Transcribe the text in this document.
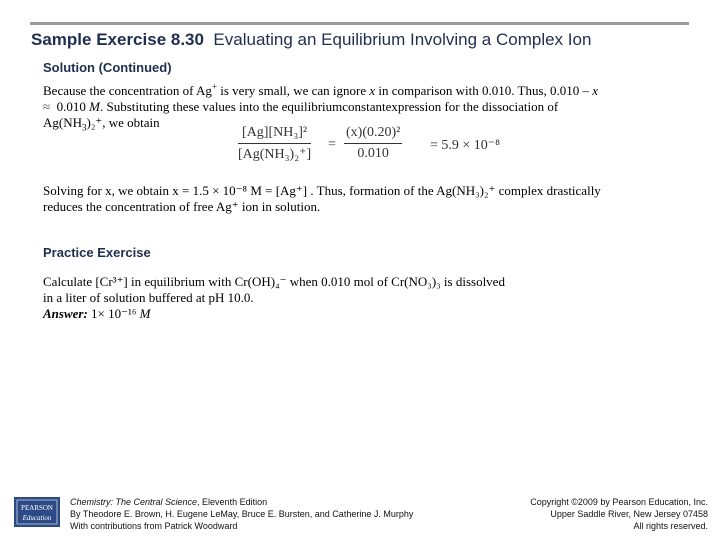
Sample Exercise 8.30 Evaluating an Equilibrium Involving a Complex Ion
Solution (Continued)
Because the concentration of Ag+ is very small, we can ignore x in comparison with 0.010. Thus, 0.010 – x
≈ 0.010 M. Substituting these values into the equilibriumconstantexpression for the dissociation of
$Ag(NH_3)_2^+$, we obtain
[Ag][NH₃]²
[Ag(NH₃)₂⁺]
=
(x)(0.20)²
0.010
= 5.9 × 10⁻⁸
Solving for x, we obtain x = 1.5 × 10⁻⁸ M = [Ag⁺] . Thus, formation of the Ag(NH₃)₂⁺ complex drastically
reduces the concentration of free Ag⁺ ion in solution.
Practice Exercise
Calculate [Cr³⁺] in equilibrium with Cr(OH)₄⁻ when 0.010 mol of Cr(NO₃)₃ is dissolved
in a liter of solution buffered at pH 10.0.
Answer: 1× 10⁻¹⁶ M
PEARSON
Education
Chemistry: The Central Science, Eleventh Edition
By Theodore E. Brown, H. Eugene LeMay, Bruce E. Bursten, and Catherine J. Murphy
With contributions from Patrick Woodward
Copyright ©2009 by Pearson Education, Inc.
Upper Saddle River, New Jersey 07458
All rights reserved.
